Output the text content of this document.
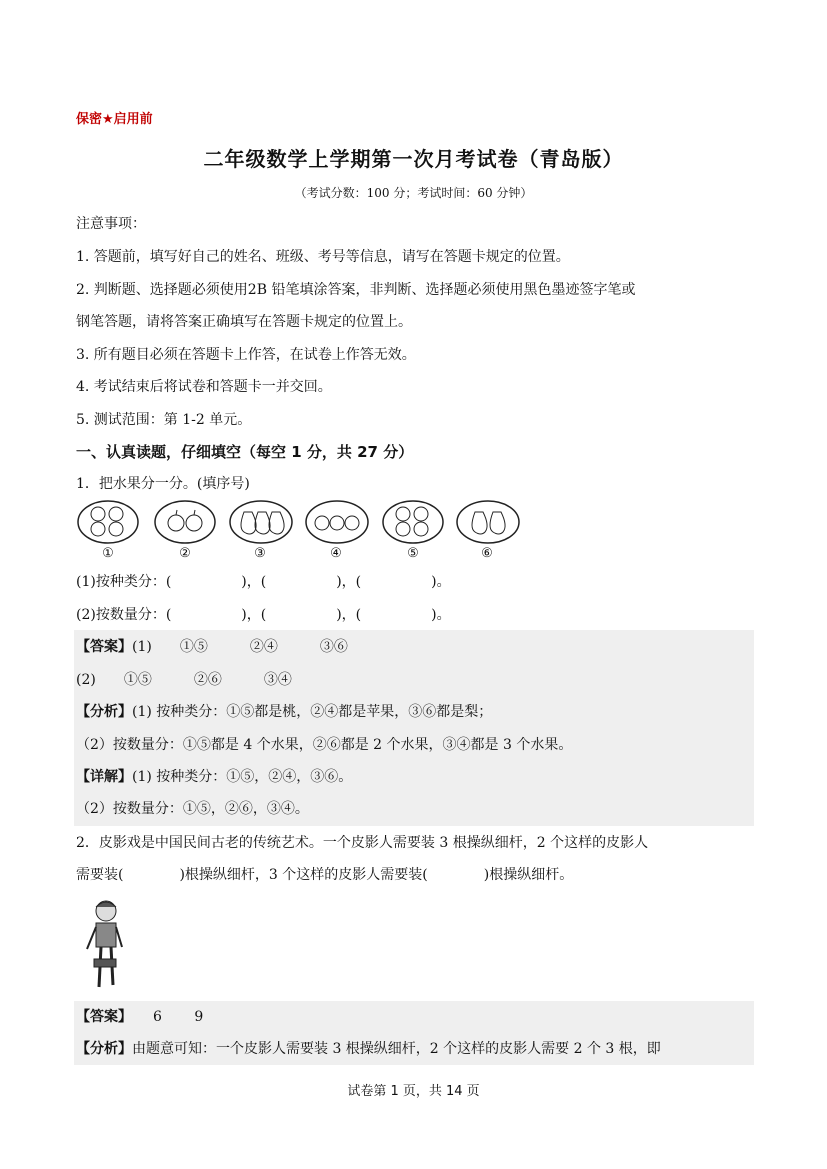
保密★启用前
二年级数学上学期第一次月考试卷（青岛版）
（考试分数：100 分；考试时间：60 分钟）
注意事项：
1. 答题前，填写好自己的姓名、班级、考号等信息，请写在答题卡规定的位置。
2. 判断题、选择题必须使用2B 铅笔填涂答案，非判断、选择题必须使用黑色墨迹签字笔或
钢笔答题，请将答案正确填写在答题卡规定的位置上。
3. 所有题目必须在答题卡上作答，在试卷上作答无效。
4. 考试结束后将试卷和答题卡一并交回。
5. 测试范围：第 1-2 单元。
一、认真读题，仔细填空（每空 1 分，共 27 分）
1．把水果分一分。(填序号)
①	②	③	④	⑤	⑥
(1)按种类分：(　　　　　)，(　　　　　)，(　　　　　)。
(2)按数量分：(　　　　　)，(　　　　　)，(　　　　　)。
【答案】(1)　　①⑤　　　②④　　　③⑥
(2)　　①⑤　　　②⑥　　　③④
【分析】(1) 按种类分：①⑤都是桃，②④都是苹果，③⑥都是梨；
（2）按数量分：①⑤都是 4 个水果，②⑥都是 2 个水果，③④都是 3 个水果。
【详解】(1) 按种类分：①⑤，②④，③⑥。
（2）按数量分：①⑤，②⑥，③④。
2．皮影戏是中国民间古老的传统艺术。一个皮影人需要装 3 根操纵细杆，2 个这样的皮影人
需要装(　　　　)根操纵细杆，3 个这样的皮影人需要装(　　　　)根操纵细杆。
【答案】　　6　　 9
【分析】由题意可知：一个皮影人需要装 3 根操纵细杆，2 个这样的皮影人需要 2 个 3 根，即
试卷第 1 页，共 14 页
